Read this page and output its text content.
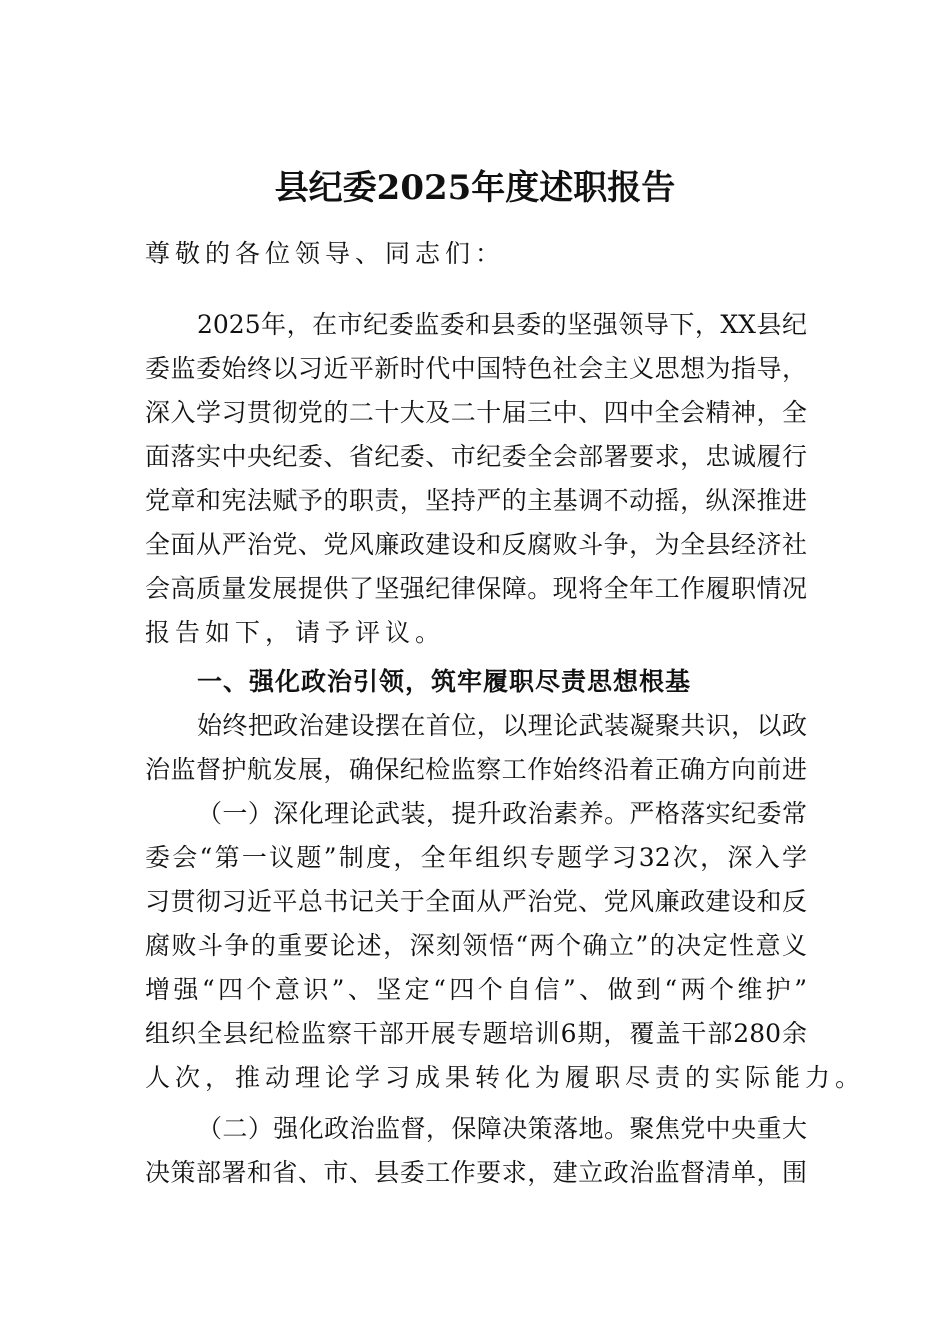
县纪委2025年度述职报告
尊敬的各位领导、同志们：
2025年，在市纪委监委和县委的坚强领导下，XX县纪
委监委始终以习近平新时代中国特色社会主义思想为指导，
深入学习贯彻党的二十大及二十届三中、四中全会精神，全
面落实中央纪委、省纪委、市纪委全会部署要求，忠诚履行
党章和宪法赋予的职责，坚持严的主基调不动摇，纵深推进
全面从严治党、党风廉政建设和反腐败斗争，为全县经济社
会高质量发展提供了坚强纪律保障。现将全年工作履职情况
报告如下，请予评议。
一、强化政治引领，筑牢履职尽责思想根基
始终把政治建设摆在首位，以理论武装凝聚共识，以政
治监督护航发展，确保纪检监察工作始终沿着正确方向前进
（一）深化理论武装，提升政治素养。严格落实纪委常
委会“第一议题”制度，全年组织专题学习32次，深入学
习贯彻习近平总书记关于全面从严治党、党风廉政建设和反
腐败斗争的重要论述，深刻领悟“两个确立”的决定性意义
增强“四个意识”、坚定“四个自信”、做到“两个维护”
组织全县纪检监察干部开展专题培训6期，覆盖干部280余
人次，推动理论学习成果转化为履职尽责的实际能力。
（二）强化政治监督，保障决策落地。聚焦党中央重大
决策部署和省、市、县委工作要求，建立政治监督清单，围
